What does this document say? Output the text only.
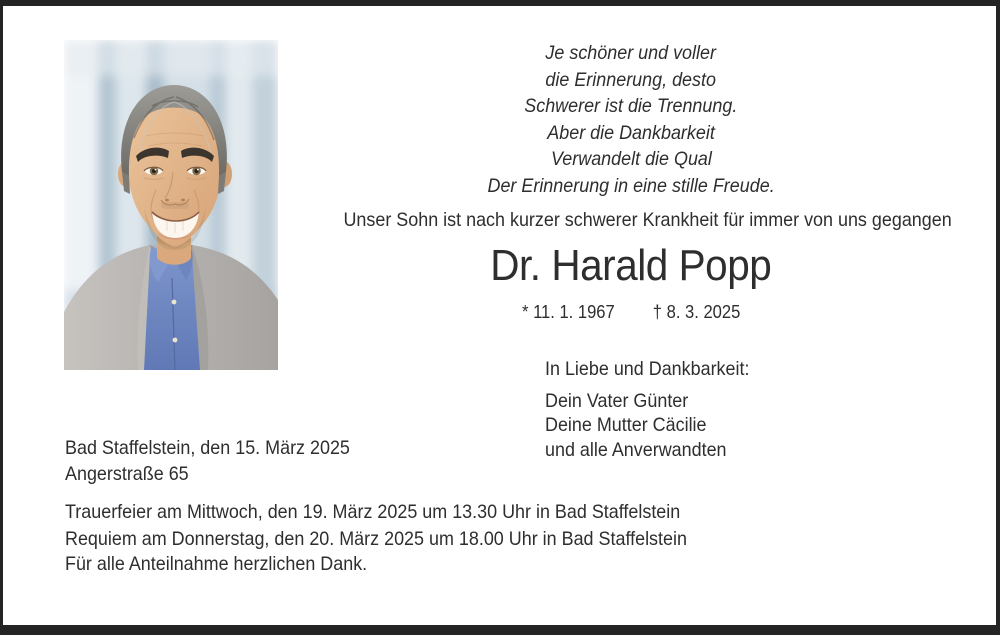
Je schöner und voller
die Erinnerung, desto
Schwerer ist die Trennung.
Aber die Dankbarkeit
Verwandelt die Qual
Der Erinnerung in eine stille Freude.
Unser Sohn ist nach kurzer schwerer Krankheit für immer von uns gegangen
Dr. Harald Popp
* 11. 1. 1967 † 8. 3. 2025
In Liebe und Dankbarkeit:
Dein Vater Günter
Deine Mutter Cäcilie
und alle Anverwandten
Bad Staffelstein, den 15. März 2025
Angerstraße 65
Trauerfeier am Mittwoch, den 19. März 2025 um 13.30 Uhr in Bad Staffelstein
Requiem am Donnerstag, den 20. März 2025 um 18.00 Uhr in Bad Staffelstein
Für alle Anteilnahme herzlichen Dank.
